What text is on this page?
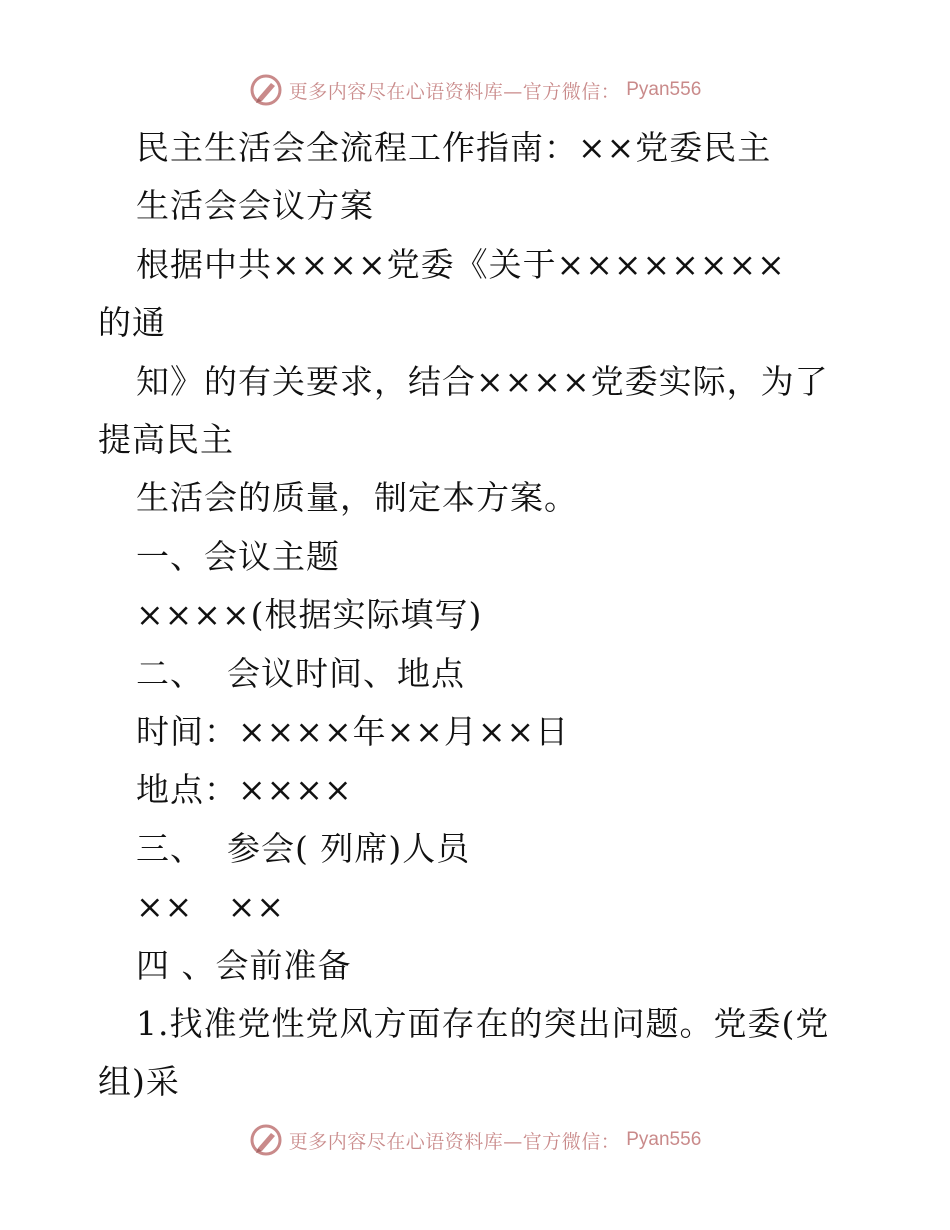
更多内容尽在心语资料库—官方微信： Pyan556
民主生活会全流程工作指南：××党委民主
生活会会议方案
根据中共××××党委《关于××××××××
的通
知》的有关要求，结合××××党委实际，为了
提高民主
生活会的质量，制定本方案。
一、会议主题
××××(根据实际填写)
二、  会议时间、地点
时间：××××年××月××日
地点：××××
三、  参会( 列席)人员
××   ××
四 、会前准备
1.找准党性党风方面存在的突出问题。党委(党
组)采
更多内容尽在心语资料库—官方微信： Pyan556
